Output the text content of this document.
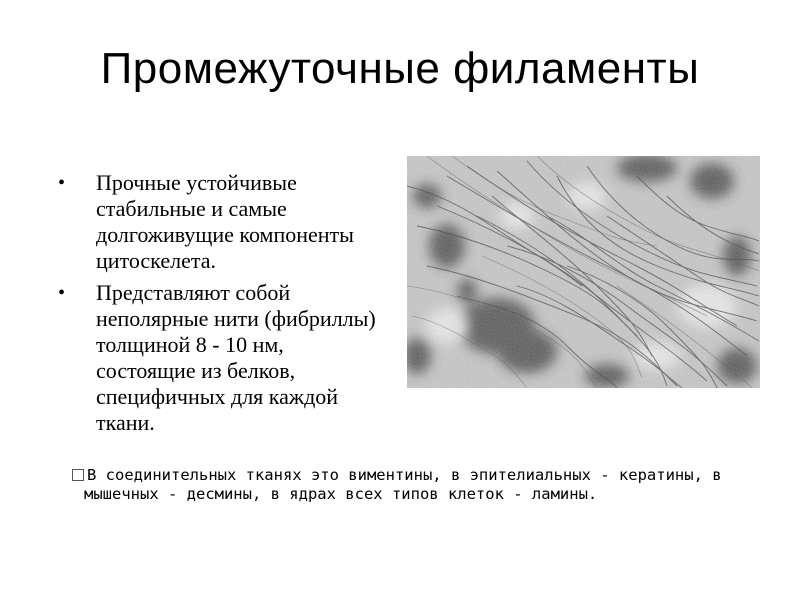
Промежуточные филаменты
• Прочные устойчивые стабильные и самые долгоживущие компоненты цитоскелета.
• Представляют собой неполярные нити (фибриллы) толщиной 8 - 10 нм, состоящие из белков, специфичных для каждой ткани.
В соединительных тканях это виментины, в эпителиальных - кератины, в мышечных - десмины, в ядрах всех типов клеток - ламины.
